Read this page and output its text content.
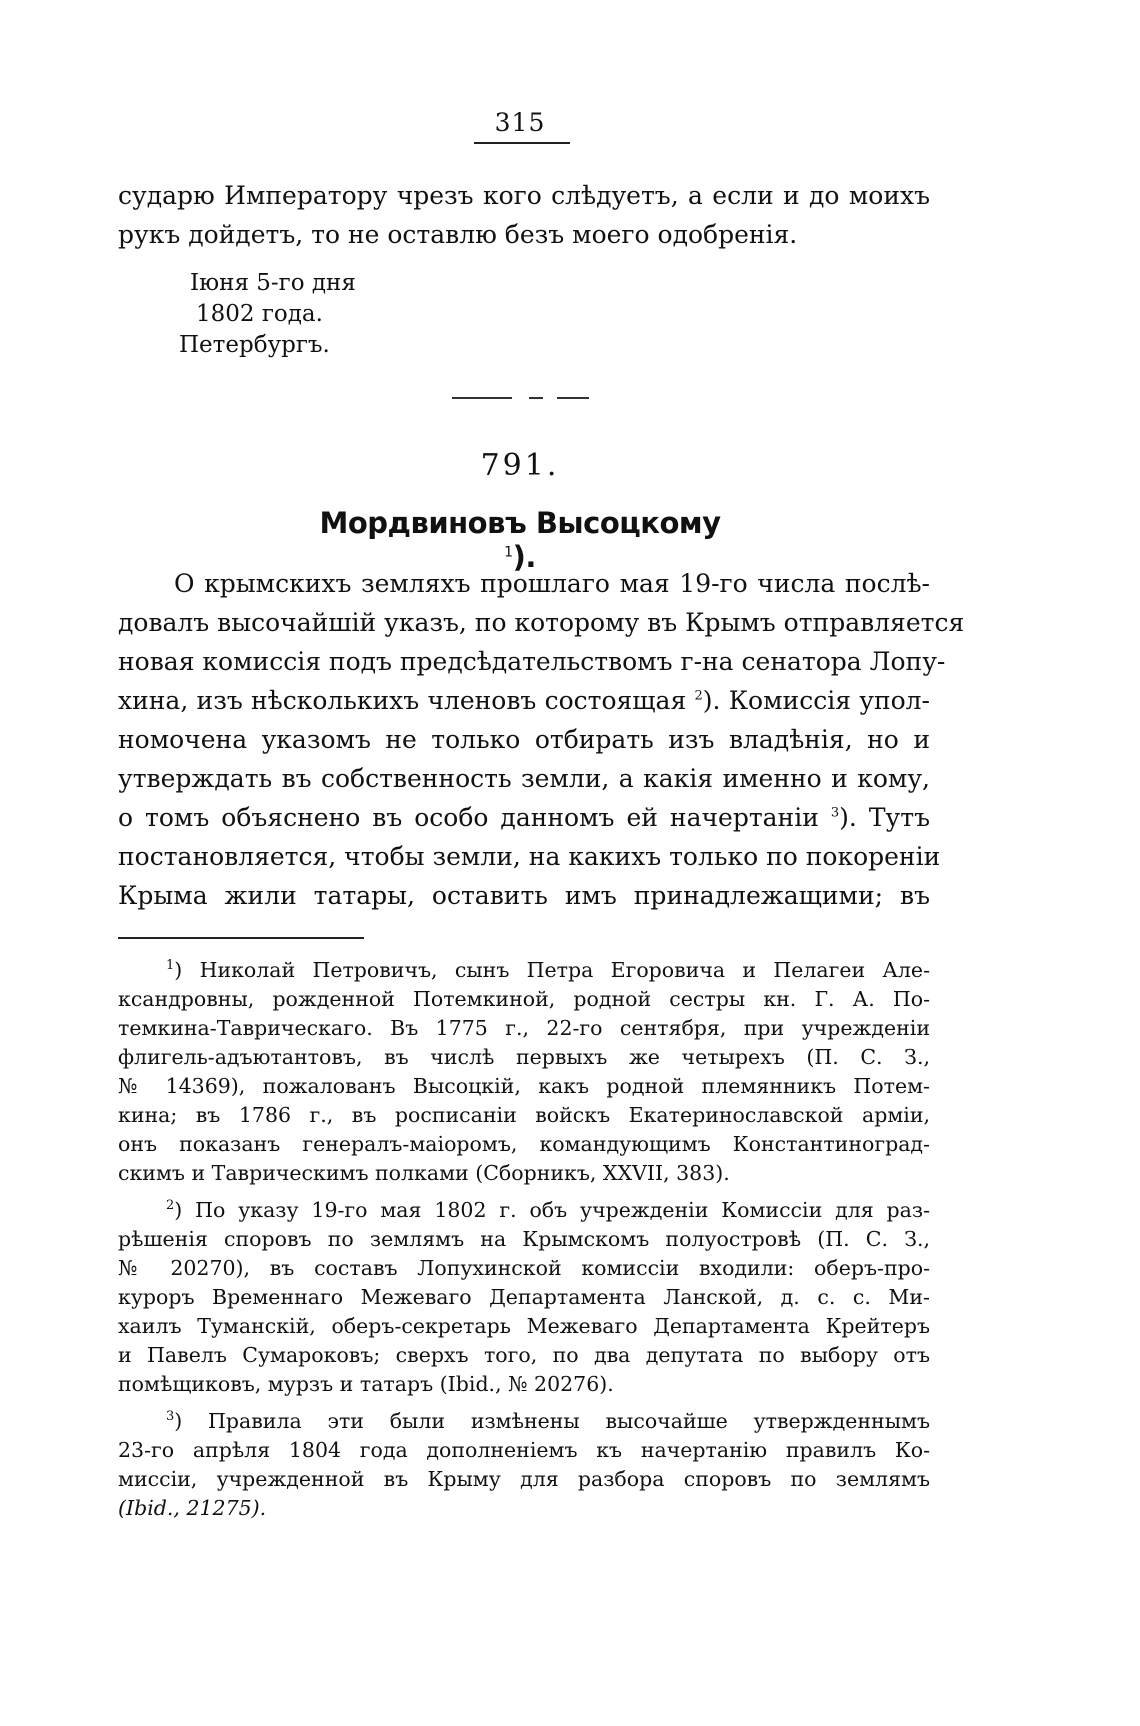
315
сударю Императору чрезъ кого слѣдуетъ, а если и до моихъ
рукъ дойдетъ, то не оставлю безъ моего одобренія.
Іюня 5-го дня
1802 года.
Петербургъ.
791.
Мордвиновъ Высоцкому $^1$).
О крымскихъ земляхъ прошлаго мая 19-го числа послѣ-
довалъ высочайшій указъ, по которому въ Крымъ отправляется
новая комиссія подъ предсѣдательствомъ г-на сенатора Лопу-
хина, изъ нѣсколькихъ членовъ состоящая $^2$). Комиссія упол-
номочена указомъ не только отбирать изъ владѣнія, но и
утверждать въ собственность земли, а какія именно и кому,
о томъ объяснено въ особо данномъ ей начертаніи $^3$). Тутъ
постановляется, чтобы земли, на какихъ только по покореніи
Крыма жили татары, оставить имъ принадлежащими; въ
$^1$) Николай Петровичъ, сынъ Петра Егоровича и Пелагеи Але-
ксандровны, рожденной Потемкиной, родной сестры кн. Г. А. По-
темкина-Таврическаго. Въ 1775 г., 22-го сентября, при учрежденіи
флигель-адъютантовъ, въ числѣ первыхъ же четырехъ (П. С. З.,
№ 14369), пожалованъ Высоцкій, какъ родной племянникъ Потем-
кина; въ 1786 г., въ росписаніи войскъ Екатеринославской арміи,
онъ показанъ генералъ-маіоромъ, командующимъ Константиноград-
скимъ и Таврическимъ полками (Сборникъ, XXVII, 383).
$^2$) По указу 19-го мая 1802 г. объ учрежденіи Комиссіи для раз-
рѣшенія споровъ по землямъ на Крымскомъ полуостровѣ (П. С. З.,
№ 20270), въ составъ Лопухинской комиссіи входили: оберъ-про-
куроръ Временнаго Межеваго Департамента Ланской, д. с. с. Ми-
хаилъ Туманскій, оберъ-секретарь Межеваго Департамента Крейтеръ
и Павелъ Сумароковъ; сверхъ того, по два депутата по выбору отъ
помѣщиковъ, мурзъ и татаръ (Ibid., № 20276).
$^3$) Правила эти были измѣнены высочайше утвержденнымъ
23-го апрѣля 1804 года дополненіемъ къ начертанію правилъ Ко-
миссіи, учрежденной въ Крыму для разбора споровъ по землямъ
(Ibid., 21275).
